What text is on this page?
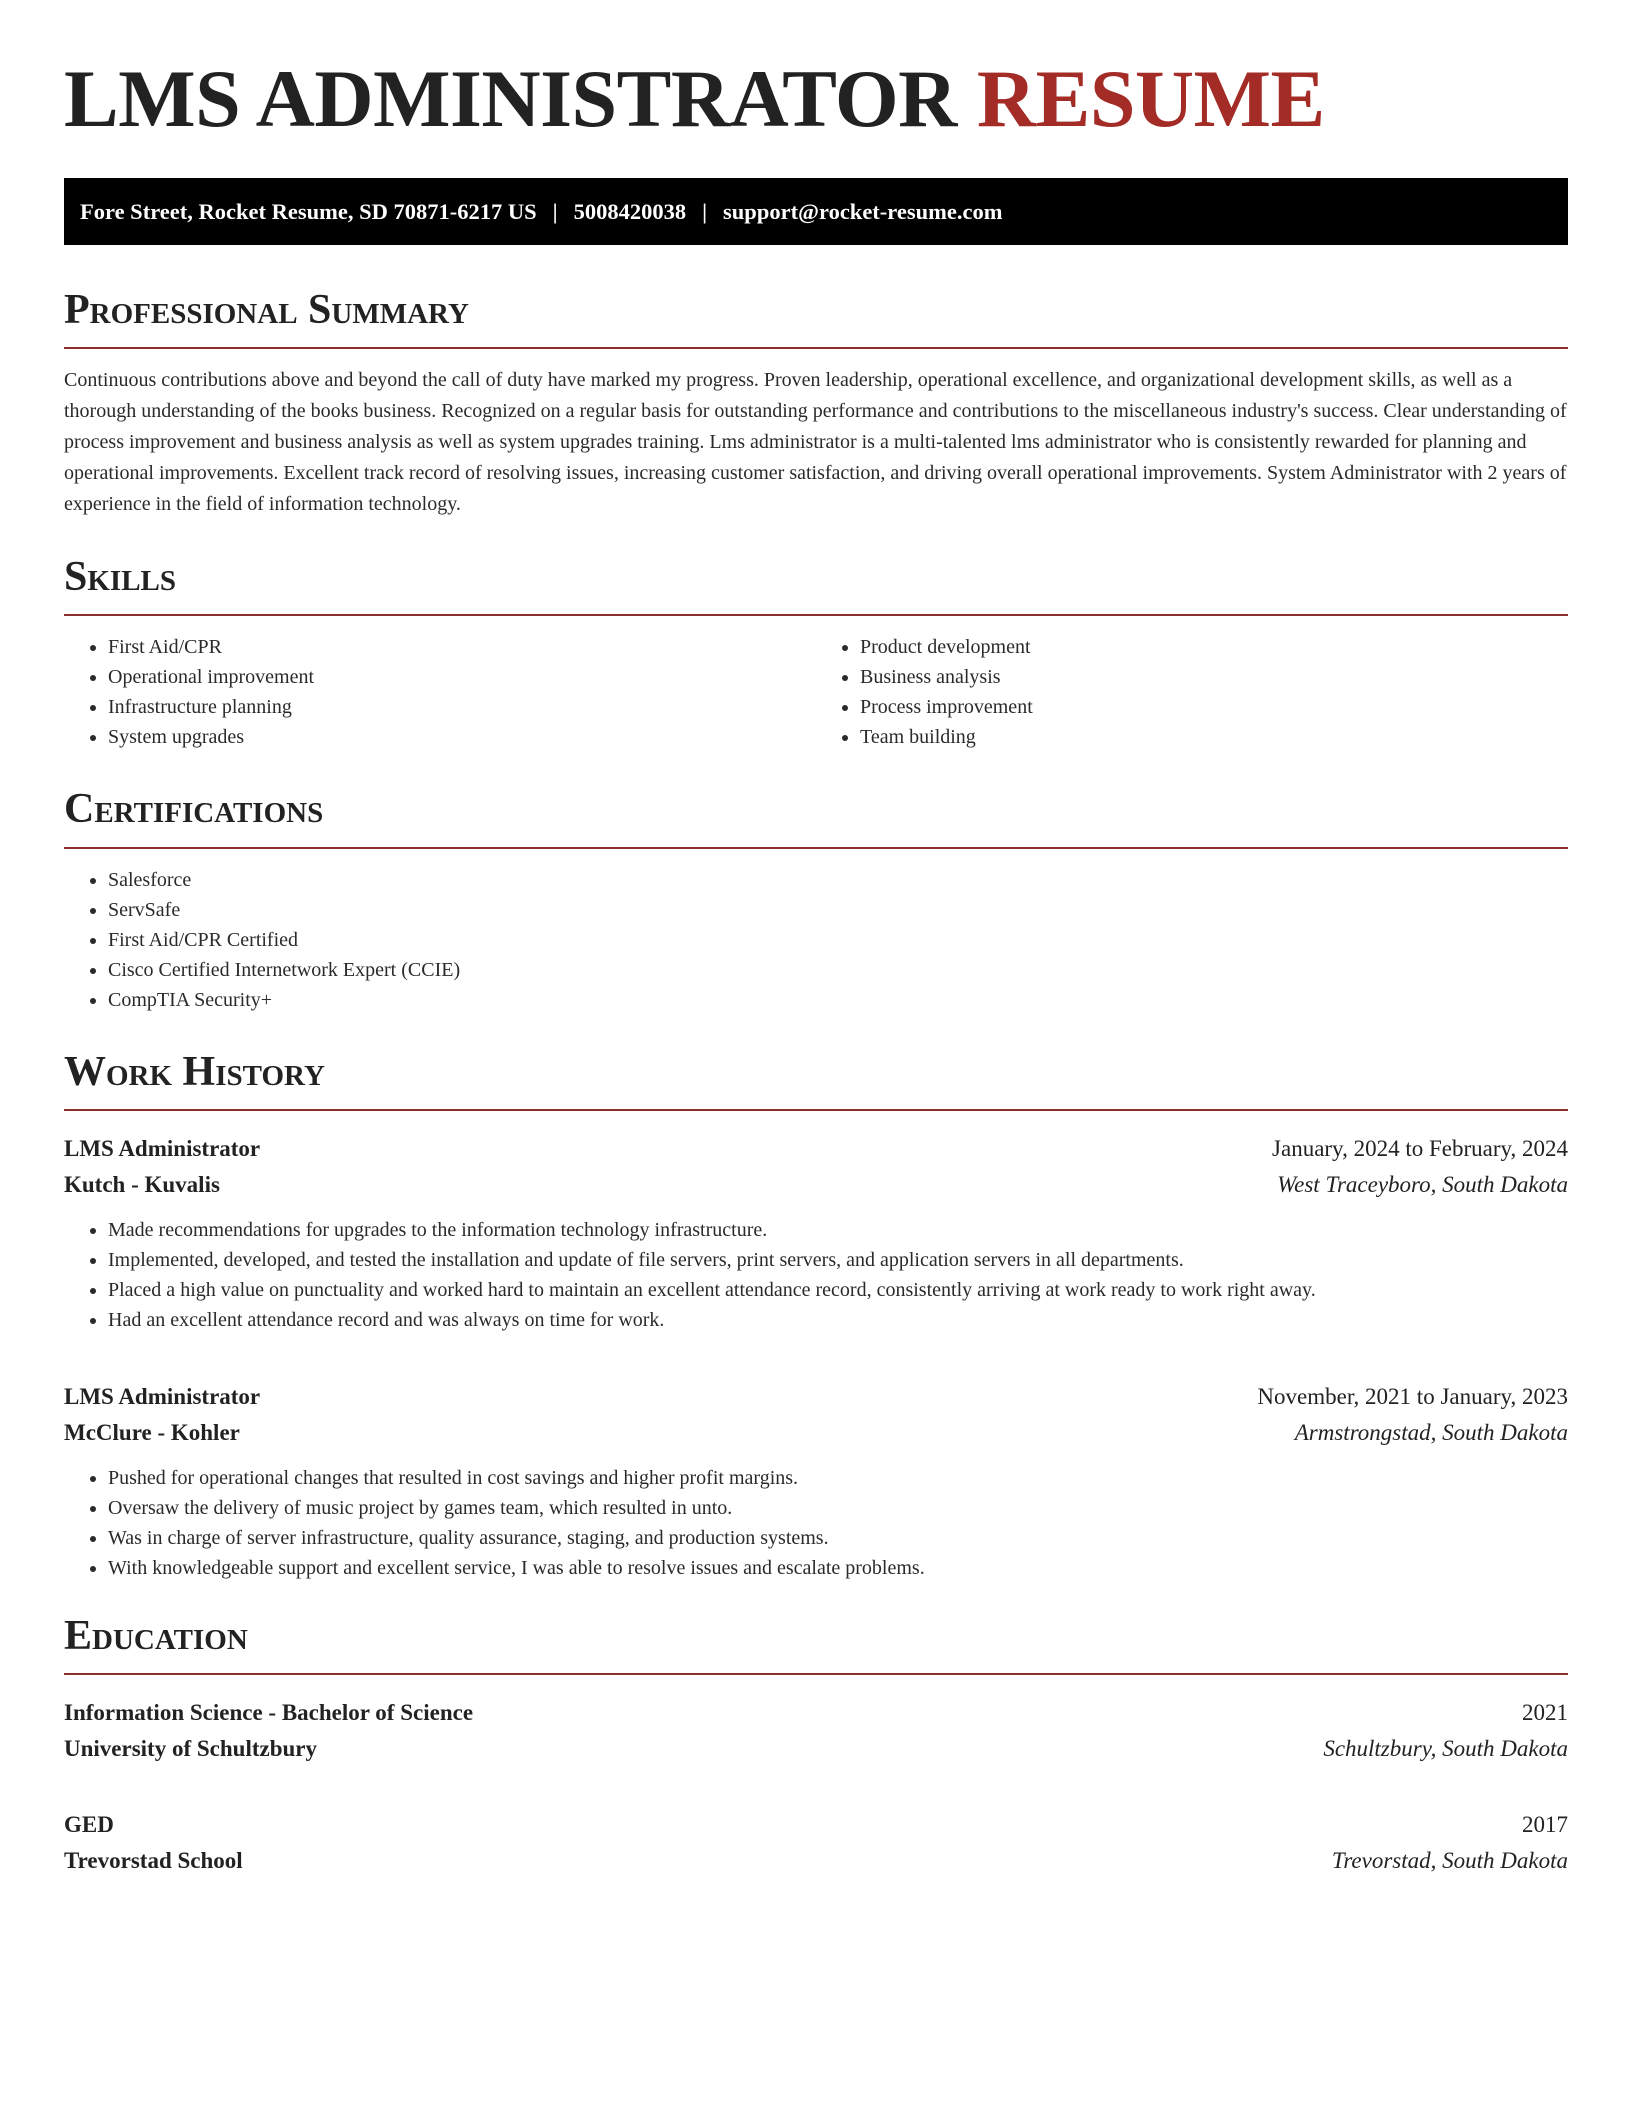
LMS ADMINISTRATOR RESUME
Fore Street, Rocket Resume, SD 70871-6217 US | 5008420038 | support@rocket-resume.com
Professional Summary

Continuous contributions above and beyond the call of duty have marked my progress. Proven leadership, operational excellence, and organizational development skills, as well as a thorough understanding of the books business. Recognized on a regular basis for outstanding performance and contributions to the miscellaneous industry's success. Clear understanding of process improvement and business analysis as well as system upgrades training. Lms administrator is a multi-talented lms administrator who is consistently rewarded for planning and operational improvements. Excellent track record of resolving issues, increasing customer satisfaction, and driving overall operational improvements. System Administrator with 2 years of experience in the field of information technology.

Skills
• First Aid/CPR
• Operational improvement
• Infrastructure planning
• System upgrades
• Product development
• Business analysis
• Process improvement
• Team building
Certifications
• Salesforce
• ServSafe
• First Aid/CPR Certified
• Cisco Certified Internetwork Expert (CCIE)
• CompTIA Security+
Work History
LMS Administrator	January, 2024 to February, 2024
Kutch - Kuvalis	West Traceyboro, South Dakota
• Made recommendations for upgrades to the information technology infrastructure.
• Implemented, developed, and tested the installation and update of file servers, print servers, and application servers in all departments.
• Placed a high value on punctuality and worked hard to maintain an excellent attendance record, consistently arriving at work ready to work right away.
• Had an excellent attendance record and was always on time for work.
LMS Administrator	November, 2021 to January, 2023
McClure - Kohler	Armstrongstad, South Dakota
• Pushed for operational changes that resulted in cost savings and higher profit margins.
• Oversaw the delivery of music project by games team, which resulted in unto.
• Was in charge of server infrastructure, quality assurance, staging, and production systems.
• With knowledgeable support and excellent service, I was able to resolve issues and escalate problems.
Education
Information Science - Bachelor of Science	2021
University of Schultzbury	Schultzbury, South Dakota
GED	2017
Trevorstad School	Trevorstad, South Dakota
